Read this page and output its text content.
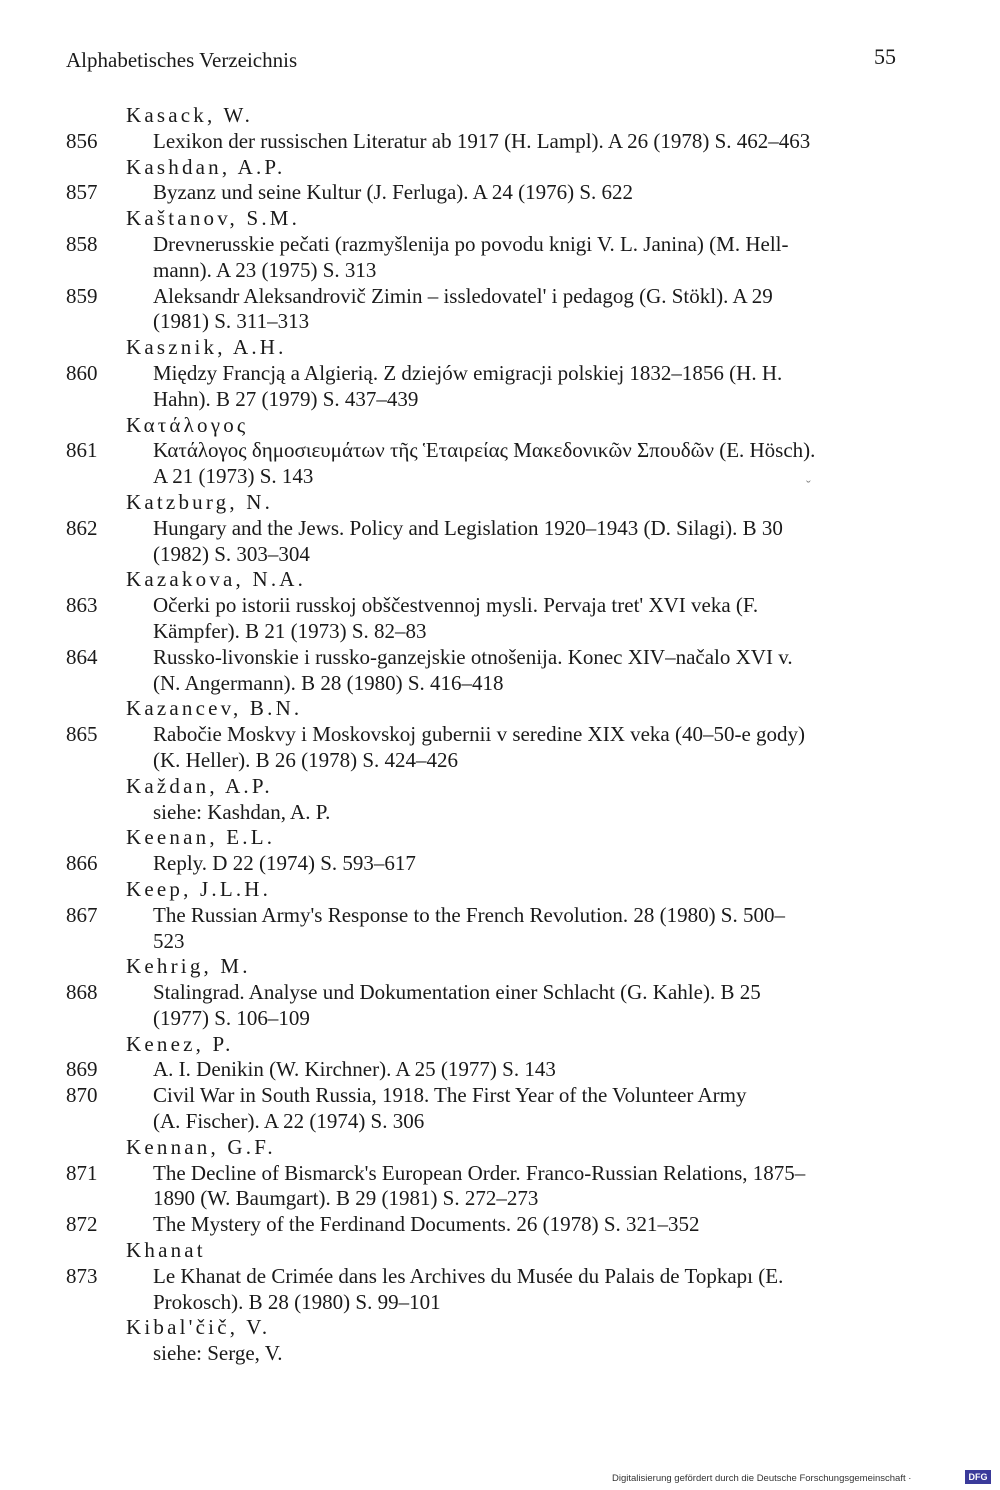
Alphabetisches Verzeichnis	55
Kasack, W.
856	Lexikon der russischen Literatur ab 1917 (H. Lampl). A 26 (1978) S. 462–463
Kashdan, A.P.
857	Byzanz und seine Kultur (J. Ferluga). A 24 (1976) S. 622
Kaštanov, S.M.
858	Drevnerusskie pečati (razmyšlenija po povodu knigi V. L. Janina) (M. Hell-
mann). A 23 (1975) S. 313
859	Aleksandr Aleksandrovič Zimin – issledovatel' i pedagog (G. Stökl). A 29
(1981) S. 311–313
Kasznik, A.H.
860	Między Francją a Algierią. Z dziejów emigracji polskiej 1832–1856 (H. H.
Hahn). B 27 (1979) S. 437–439
Κατάλογος
861	Κατάλογος δημοσιευμάτων τῆς Ἑταιρείας Μακεδονικῶν Σπουδῶν (E. Hösch).
A 21 (1973) S. 143
Katzburg, N.
862	Hungary and the Jews. Policy and Legislation 1920–1943 (D. Silagi). B 30
(1982) S. 303–304
Kazakova, N.A.
863	Očerki po istorii russkoj obščestvennoj mysli. Pervaja tret' XVI veka (F.
Kämpfer). B 21 (1973) S. 82–83
864	Russko-livonskie i russko-ganzejskie otnošenija. Konec XIV–načalo XVI v.
(N. Angermann). B 28 (1980) S. 416–418
Kazancev, B.N.
865	Rabočie Moskvy i Moskovskoj gubernii v seredine XIX veka (40–50-e gody)
(K. Heller). B 26 (1978) S. 424–426
Každan, A.P.
siehe: Kashdan, A. P.
Keenan, E.L.
866	Reply. D 22 (1974) S. 593–617
Keep, J.L.H.
867	The Russian Army's Response to the French Revolution. 28 (1980) S. 500–
523
Kehrig, M.
868	Stalingrad. Analyse und Dokumentation einer Schlacht (G. Kahle). B 25
(1977) S. 106–109
Kenez, P.
869	A. I. Denikin (W. Kirchner). A 25 (1977) S. 143
870	Civil War in South Russia, 1918. The First Year of the Volunteer Army
(A. Fischer). A 22 (1974) S. 306
Kennan, G.F.
871	The Decline of Bismarck's European Order. Franco-Russian Relations, 1875–
1890 (W. Baumgart). B 29 (1981) S. 272–273
872	The Mystery of the Ferdinand Documents. 26 (1978) S. 321–352
Khanat
873	Le Khanat de Crimée dans les Archives du Musée du Palais de Topkapı (E.
Prokosch). B 28 (1980) S. 99–101
Kibal'čič, V.
siehe: Serge, V.
ˇ
Digitalisierung gefördert durch die Deutsche Forschungsgemeinschaft ·	DFG
